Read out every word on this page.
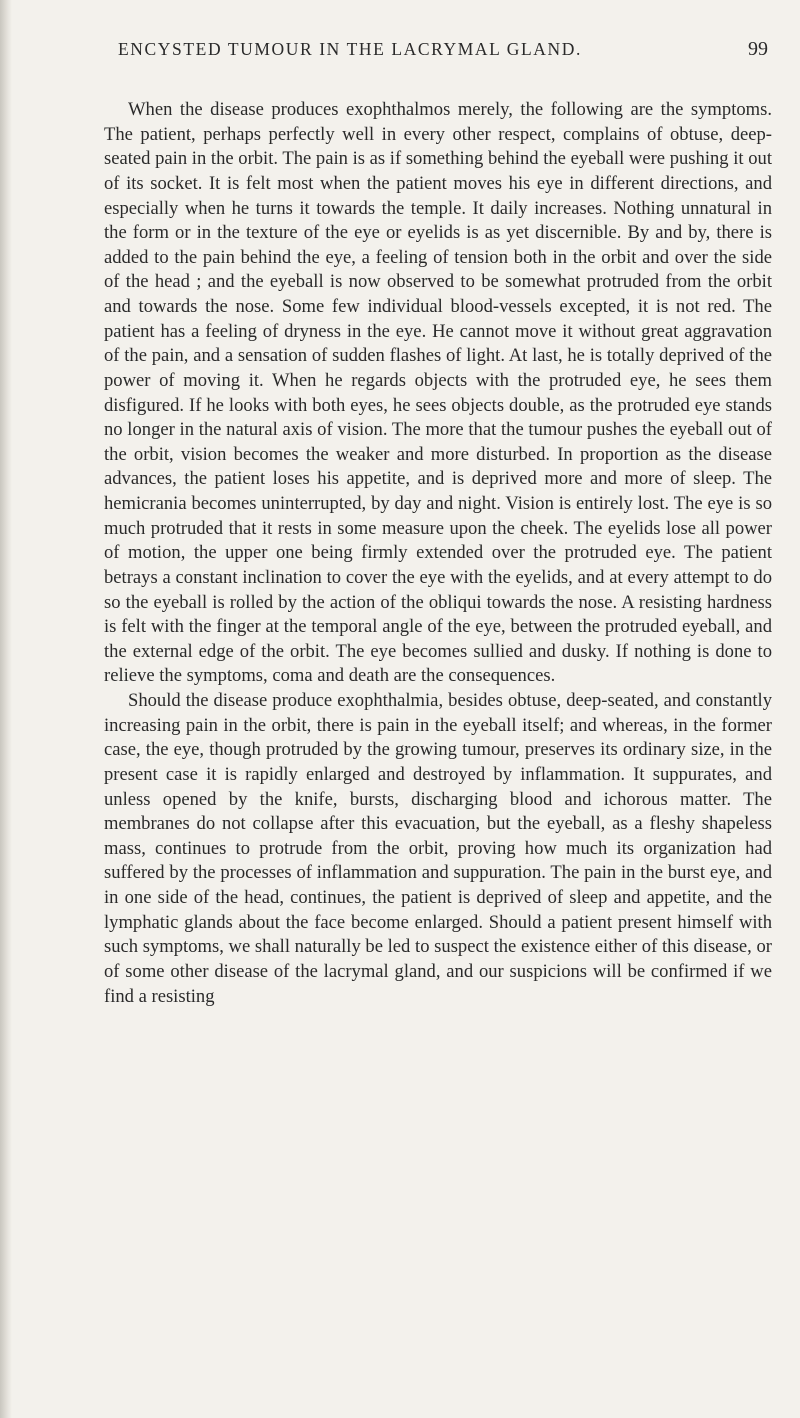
ENCYSTED TUMOUR IN THE LACRYMAL GLAND.	99

When the disease produces exophthalmos merely, the following are the symptoms. The patient, perhaps perfectly well in every other respect, complains of obtuse, deep-seated pain in the orbit. The pain is as if something behind the eyeball were pushing it out of its socket. It is felt most when the patient moves his eye in different directions, and especially when he turns it towards the temple. It daily increases. Nothing unnatural in the form or in the texture of the eye or eyelids is as yet discernible. By and by, there is added to the pain behind the eye, a feeling of tension both in the orbit and over the side of the head ; and the eyeball is now observed to be somewhat protruded from the orbit and towards the nose. Some few individual blood-vessels excepted, it is not red. The patient has a feeling of dryness in the eye. He cannot move it without great aggravation of the pain, and a sensation of sudden flashes of light. At last, he is totally deprived of the power of moving it. When he regards objects with the protruded eye, he sees them disfigured. If he looks with both eyes, he sees objects double, as the protruded eye stands no longer in the natural axis of vision. The more that the tumour pushes the eyeball out of the orbit, vision becomes the weaker and more disturbed. In proportion as the disease advances, the patient loses his appetite, and is deprived more and more of sleep. The hemicrania becomes uninterrupted, by day and night. Vision is entirely lost. The eye is so much protruded that it rests in some measure upon the cheek. The eyelids lose all power of motion, the upper one being firmly extended over the protruded eye. The patient betrays a constant inclination to cover the eye with the eyelids, and at every attempt to do so the eyeball is rolled by the action of the obliqui towards the nose. A resisting hardness is felt with the finger at the temporal angle of the eye, between the protruded eyeball, and the external edge of the orbit. The eye becomes sullied and dusky. If nothing is done to relieve the symptoms, coma and death are the consequences.

Should the disease produce exophthalmia, besides obtuse, deep-seated, and constantly increasing pain in the orbit, there is pain in the eyeball itself; and whereas, in the former case, the eye, though protruded by the growing tumour, preserves its ordinary size, in the present case it is rapidly enlarged and destroyed by inflammation. It suppurates, and unless opened by the knife, bursts, discharging blood and ichorous matter. The membranes do not collapse after this evacuation, but the eyeball, as a fleshy shapeless mass, continues to protrude from the orbit, proving how much its organization had suffered by the processes of inflammation and suppuration. The pain in the burst eye, and in one side of the head, continues, the patient is deprived of sleep and appetite, and the lymphatic glands about the face become enlarged. Should a patient present himself with such symptoms, we shall naturally be led to suspect the existence either of this disease, or of some other disease of the lacrymal gland, and our suspicions will be confirmed if we find a resisting
